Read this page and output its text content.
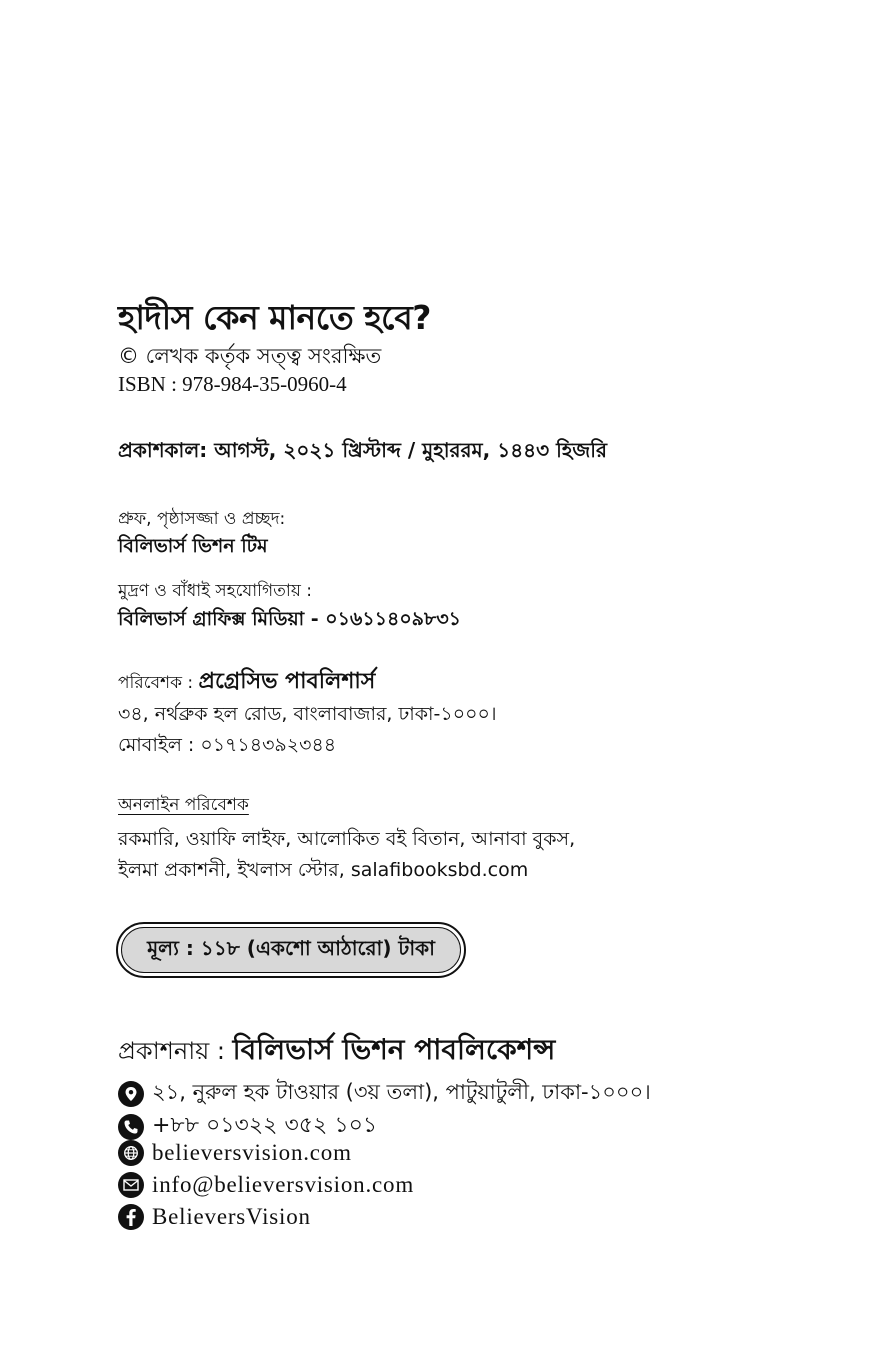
হাদীস কেন মানতে হবে?
© লেখক কর্তৃক সত্ত্ব সংরক্ষিত
ISBN : 978-984-35-0960-4
প্রকাশকাল: আগস্ট, ২০২১ খ্রিস্টাব্দ / মুহাররম, ১৪৪৩ হিজরি
প্রুফ, পৃষ্ঠাসজ্জা ও প্রচ্ছদ:
বিলিভার্স ভিশন টিম
মুদ্রণ ও বাঁধাই সহযোগিতায় :
বিলিভার্স গ্রাফিক্স মিডিয়া - ০১৬১১৪০৯৮৩১
পরিবেশক : প্রগ্রেসিভ পাবলিশার্স
৩৪, নর্থব্রুক হল রোড, বাংলাবাজার, ঢাকা-১০০০।
মোবাইল : ০১৭১৪৩৯২৩৪৪
অনলাইন পরিবেশক
রকমারি, ওয়াফি লাইফ, আলোকিত বই বিতান, আনাবা বুকস,
ইলমা প্রকাশনী, ইখলাস স্টোর, salafibooksbd.com
মূল্য : ১১৮ (একশো আঠারো) টাকা
প্রকাশনায় : বিলিভার্স ভিশন পাবলিকেশন্স
২১, নুরুল হক টাওয়ার (৩য় তলা), পাটুয়াটুলী, ঢাকা-১০০০।
+৮৮ ০১৩২২ ৩৫২ ১০১
believersvision.com
info@believersvision.com
BelieversVision
